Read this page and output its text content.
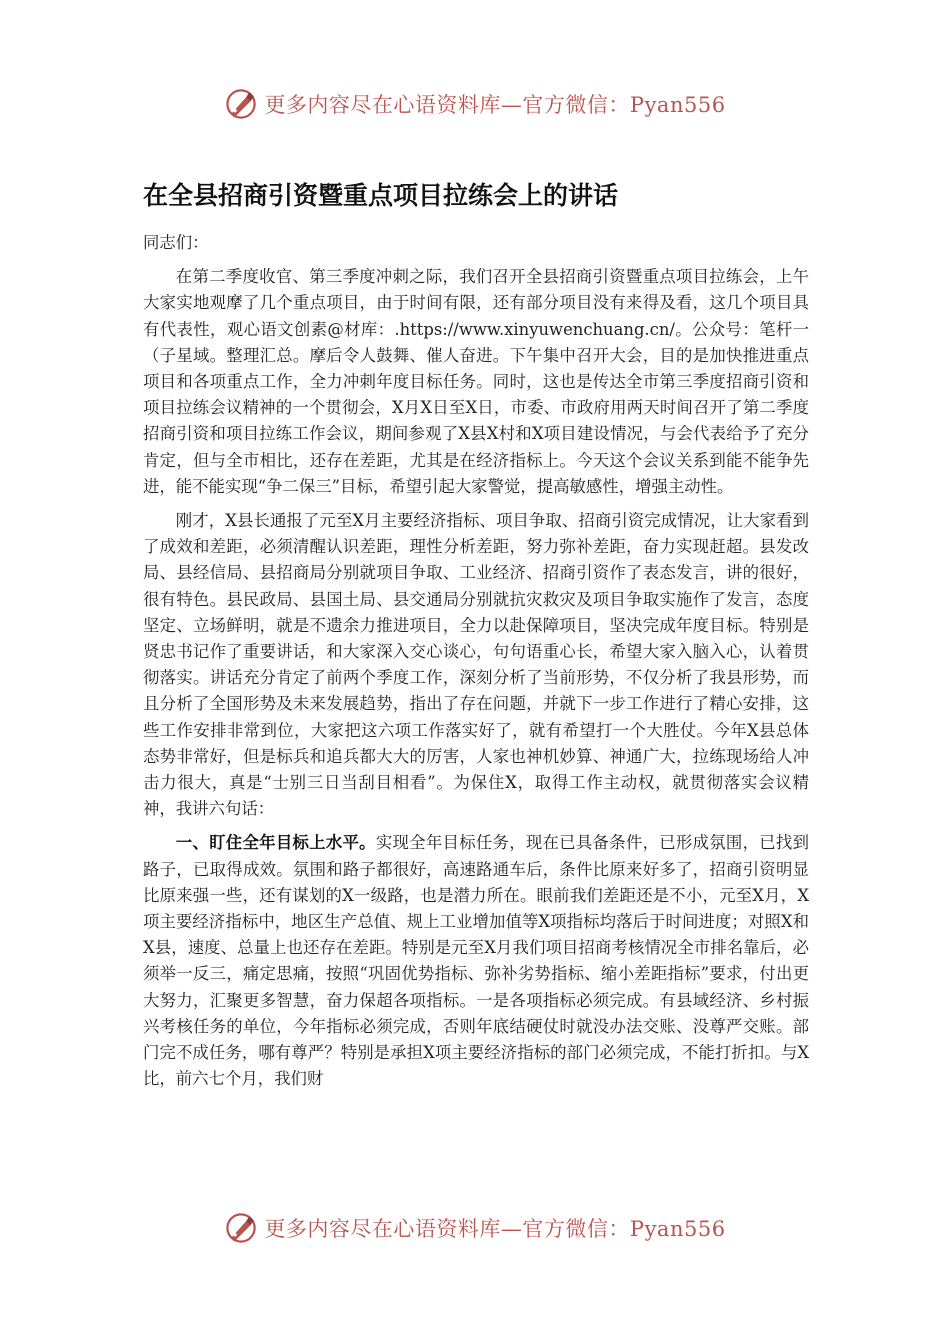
更多内容尽在心语资料库—官方微信：Pyan556
在全县招商引资暨重点项目拉练会上的讲话

同志们：

在第二季度收官、第三季度冲刺之际，我们召开全县招商引资暨重点项目拉练会，上午大家实地观摩了几个重点项目，由于时间有限，还有部分项目没有来得及看，这几个项目具有代表性，观心语文创素@材库：.https://www.xinyuwenchuang.cn/。公众号：笔杆一（子星域。整理汇总。摩后令人鼓舞、催人奋进。下午集中召开大会，目的是加快推进重点项目和各项重点工作，全力冲刺年度目标任务。同时，这也是传达全市第三季度招商引资和项目拉练会议精神的一个贯彻会，X月X日至X日，市委、市政府用两天时间召开了第二季度招商引资和项目拉练工作会议，期间参观了X县X村和X项目建设情况，与会代表给予了充分肯定，但与全市相比，还存在差距，尤其是在经济指标上。今天这个会议关系到能不能争先进，能不能实现“争二保三”目标，希望引起大家警觉，提高敏感性，增强主动性。

刚才，X县长通报了元至X月主要经济指标、项目争取、招商引资完成情况，让大家看到了成效和差距，必须清醒认识差距，理性分析差距，努力弥补差距，奋力实现赶超。县发改局、县经信局、县招商局分别就项目争取、工业经济、招商引资作了表态发言，讲的很好，很有特色。县民政局、县国土局、县交通局分别就抗灾救灾及项目争取实施作了发言，态度坚定、立场鲜明，就是不遗余力推进项目，全力以赴保障项目，坚决完成年度目标。特别是贤忠书记作了重要讲话，和大家深入交心谈心，句句语重心长，希望大家入脑入心，认着贯彻落实。讲话充分肯定了前两个季度工作，深刻分析了当前形势，不仅分析了我县形势，而且分析了全国形势及未来发展趋势，指出了存在问题，并就下一步工作进行了精心安排，这些工作安排非常到位，大家把这六项工作落实好了，就有希望打一个大胜仗。今年X县总体态势非常好，但是标兵和追兵都大大的厉害，人家也神机妙算、神通广大，拉练现场给人冲击力很大，真是“士别三日当刮目相看”。为保住X，取得工作主动权，就贯彻落实会议精神，我讲六句话：

一、盯住全年目标上水平。实现全年目标任务，现在已具备条件，已形成氛围，已找到路子，已取得成效。氛围和路子都很好，高速路通车后，条件比原来好多了，招商引资明显比原来强一些，还有谋划的X一级路，也是潜力所在。眼前我们差距还是不小，元至X月，X项主要经济指标中，地区生产总值、规上工业增加值等X项指标均落后于时间进度；对照X和X县，速度、总量上也还存在差距。特别是元至X月我们项目招商考核情况全市排名靠后，必须举一反三，痛定思痛，按照“巩固优势指标、弥补劣势指标、缩小差距指标”要求，付出更大努力，汇聚更多智慧，奋力保超各项指标。一是各项指标必须完成。有县域经济、乡村振兴考核任务的单位，今年指标必须完成，否则年底结硬仗时就没办法交账、没尊严交账。部门完不成任务，哪有尊严？特别是承担X项主要经济指标的部门必须完成，不能打折扣。与X比，前六七个月，我们财

更多内容尽在心语资料库—官方微信：Pyan556
